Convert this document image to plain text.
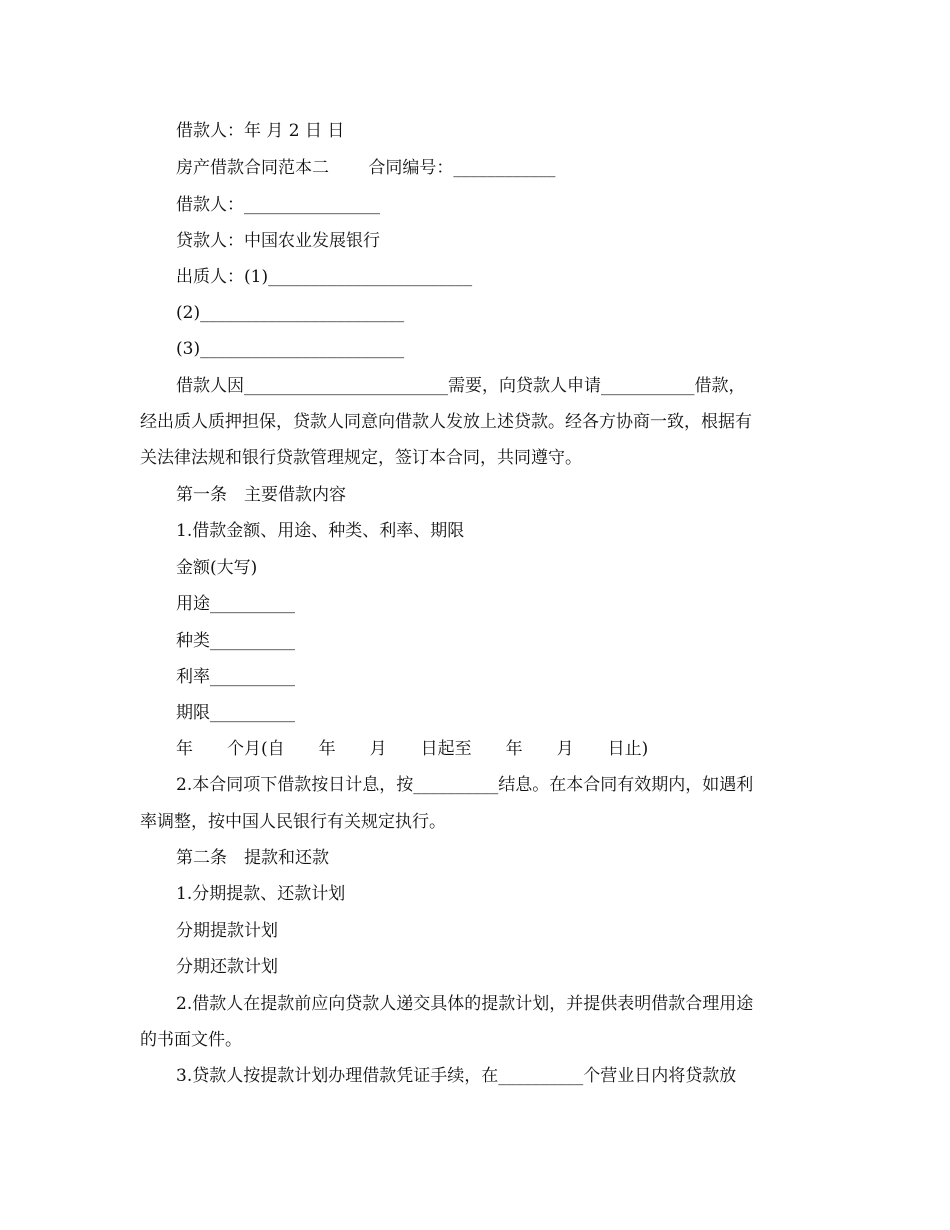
借款人：年 月 2 日 日
房产借款合同范本二 　　合同编号：____________
借款人：________________
贷款人：中国农业发展银行
出质人：(1)________________________
(2)________________________
(3)________________________
借款人因________________________需要，向贷款人申请___________借款，
经出质人质押担保，贷款人同意向借款人发放上述贷款。经各方协商一致，根据有
关法律法规和银行贷款管理规定，签订本合同，共同遵守。
第一条　主要借款内容
1.借款金额、用途、种类、利率、期限
金额(大写)
用途__________
种类__________
利率__________
期限__________
年　　个月(自　　年　　月　　日起至　　年　　月　　日止)
2.本合同项下借款按日计息，按__________结息。在本合同有效期内，如遇利
率调整，按中国人民银行有关规定执行。
第二条　提款和还款
1.分期提款、还款计划
分期提款计划
分期还款计划
2.借款人在提款前应向贷款人递交具体的提款计划，并提供表明借款合理用途
的书面文件。
3.贷款人按提款计划办理借款凭证手续，在__________个营业日内将贷款放
